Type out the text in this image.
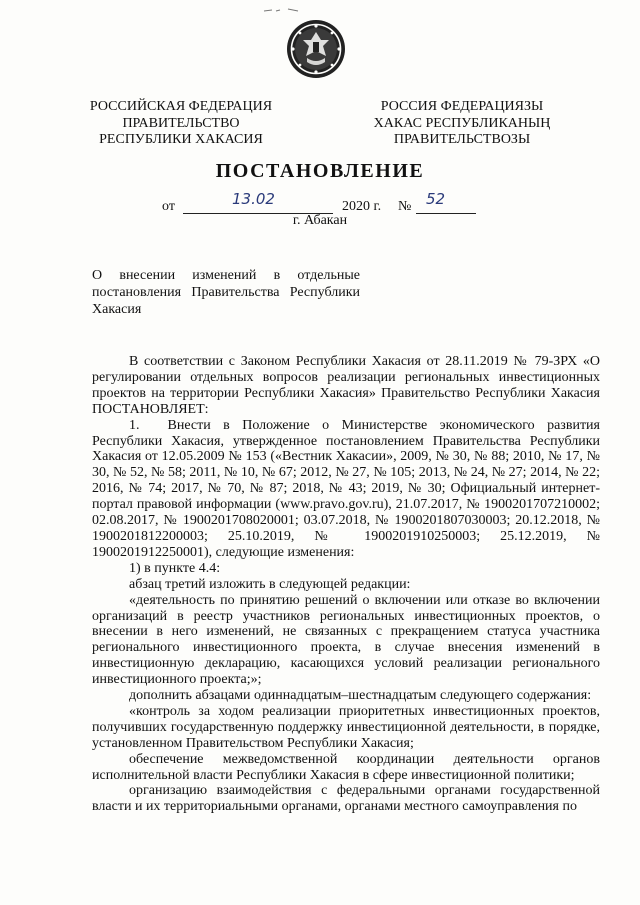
РОССИЙСКАЯ ФЕДЕРАЦИЯ
ПРАВИТЕЛЬСТВО
РЕСПУБЛИКИ ХАКАСИЯ
РОССИЯ ФЕДЕРАЦИЯЗЫ
ХАКАС РЕСПУБЛИКАНЫҢ
ПРАВИТЕЛЬСТВОЗЫ
ПОСТАНОВЛЕНИЕ
от	13.02	2020 г. № 52
г. Абакан

О внесении изменений в отдельные постановления Правительства Республики Хакасия

В соответствии с Законом Республики Хакасия от 28.11.2019 № 79-ЗРХ «О регулировании отдельных вопросов реализации региональных инвестиционных проектов на территории Республики Хакасия» Правительство Республики Хакасия ПОСТАНОВЛЯЕТ:

1.  Внести в Положение о Министерстве экономического развития Республики Хакасия, утвержденное постановлением Правительства Республики Хакасия от 12.05.2009 № 153 («Вестник Хакасии», 2009, № 30, № 88; 2010, № 17, № 30, № 52, № 58; 2011, № 10, № 67; 2012, № 27, № 105; 2013, № 24, № 27; 2014, № 22; 2016, № 74; 2017, № 70, № 87; 2018, № 43; 2019, № 30; Официальный интернет-портал правовой информации (www.pravo.gov.ru), 21.07.2017, № 1900201707210002; 02.08.2017, № 1900201708020001; 03.07.2018, № 1900201807030003; 20.12.2018, № 1900201812200003; 25.10.2019, № 1900201910250003; 25.12.2019, № 1900201912250001), следующие изменения:

1) в пункте 4.4:

абзац третий изложить в следующей редакции:

«деятельность по принятию решений о включении или отказе во включении организаций в реестр участников региональных инвестиционных проектов, о внесении в него изменений, не связанных с прекращением статуса участника регионального инвестиционного проекта, в случае внесения изменений в инвестиционную декларацию, касающихся условий реализации регионального инвестиционного проекта;»;

дополнить абзацами одиннадцатым–шестнадцатым следующего содержания:

«контроль за ходом реализации приоритетных инвестиционных проектов, получивших государственную поддержку инвестиционной деятельности, в порядке, установленном Правительством Республики Хакасия;

обеспечение межведомственной координации деятельности органов исполнительной власти Республики Хакасия в сфере инвестиционной политики;

организацию взаимодействия с федеральными органами государственной власти и их территориальными органами, органами местного самоуправления по
